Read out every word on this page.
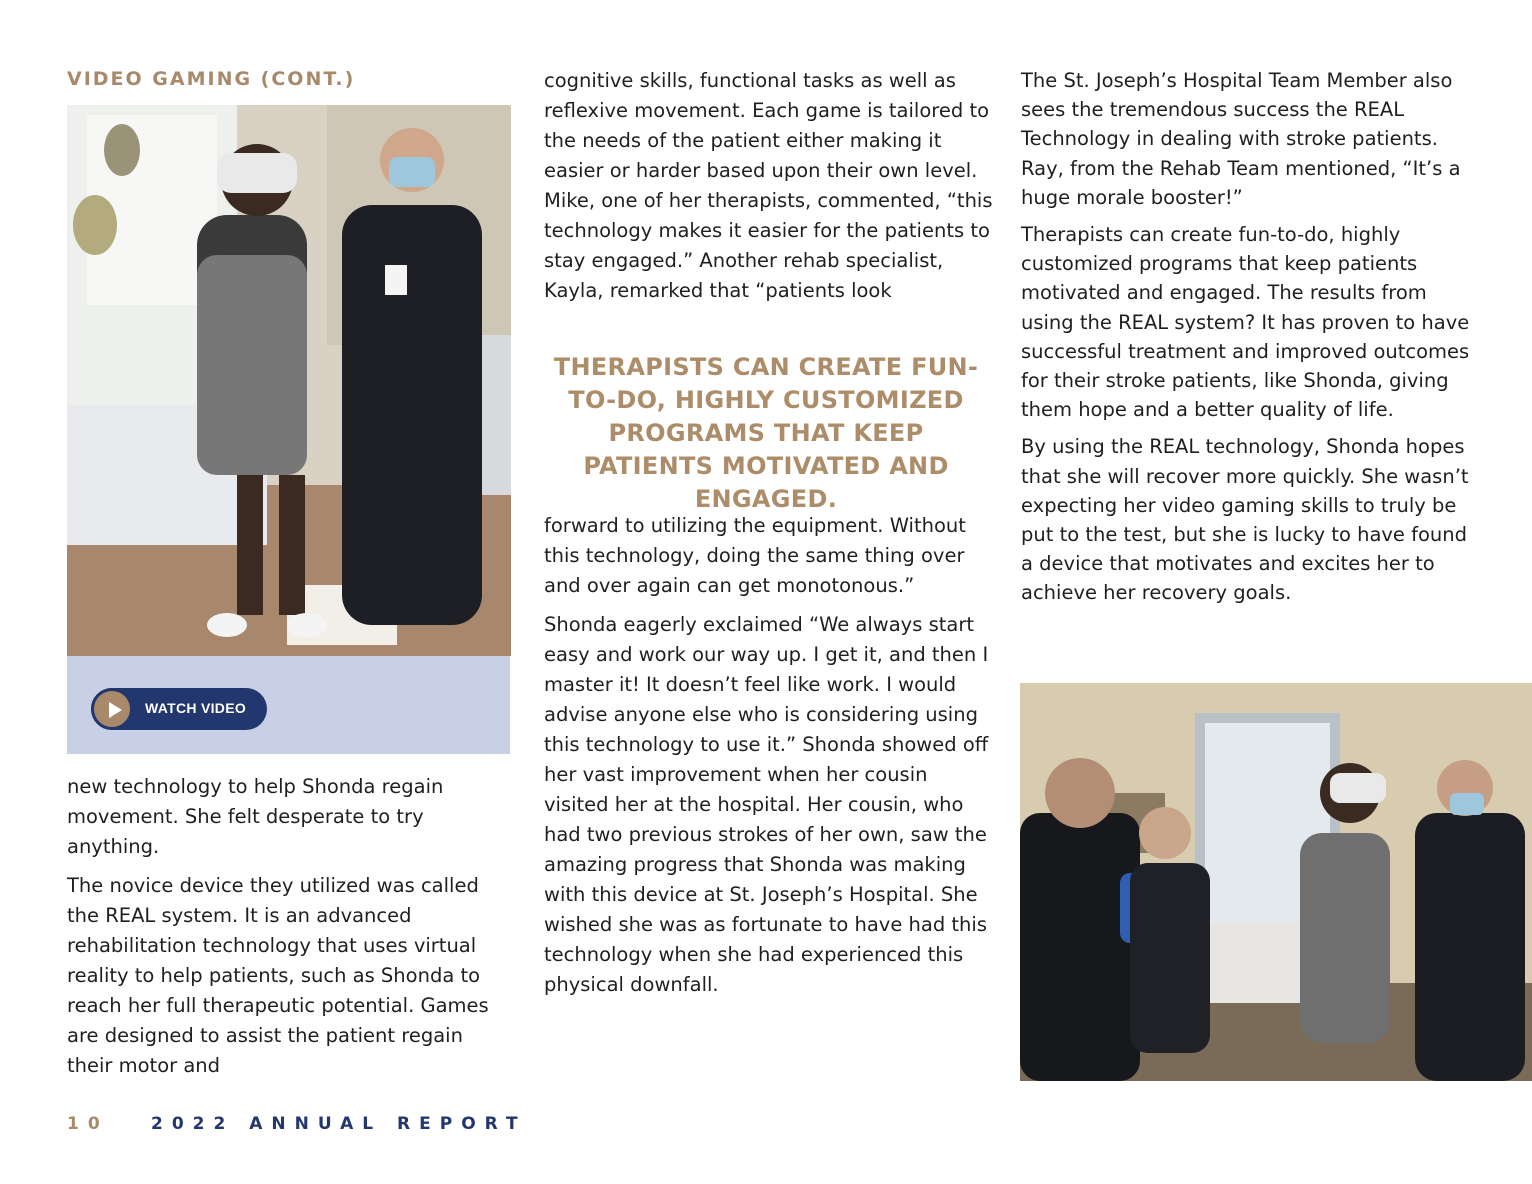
VIDEO GAMING (CONT.)
WATCH VIDEO

new technology to help Shonda regain movement. She felt desperate to try anything.

The novice device they utilized was called the REAL system. It is an advanced rehabilitation technology that uses virtual reality to help patients, such as Shonda to reach her full therapeutic potential. Games are designed to assist the patient regain their motor and

cognitive skills, functional tasks as well as reflexive movement. Each game is tailored to the needs of the patient either making it easier or harder based upon their own level. Mike, one of her therapists, commented, “this technology makes it easier for the patients to stay engaged.” Another rehab specialist, Kayla, remarked that “patients look

THERAPISTS CAN CREATE FUN-TO-DO, HIGHLY CUSTOMIZED PROGRAMS THAT KEEP PATIENTS MOTIVATED AND ENGAGED.

forward to utilizing the equipment. Without this technology, doing the same thing over and over again can get monotonous.”

Shonda eagerly exclaimed “We always start easy and work our way up. I get it, and then I master it! It doesn’t feel like work. I would advise anyone else who is considering using this technology to use it.” Shonda showed off her vast improvement when her cousin visited her at the hospital. Her cousin, who had two previous strokes of her own, saw the amazing progress that Shonda was making with this device at St. Joseph’s Hospital. She wished she was as fortunate to have had this technology when she had experienced this physical downfall.

The St. Joseph’s Hospital Team Member also sees the tremendous success the REAL Technology in dealing with stroke patients. Ray, from the Rehab Team mentioned, “It’s a huge morale booster!”

Therapists can create fun-to-do, highly customized programs that keep patients motivated and engaged. The results from using the REAL system? It has proven to have successful treatment and improved outcomes for their stroke patients, like Shonda, giving them hope and a better quality of life.

By using the REAL technology, Shonda hopes that she will recover more quickly. She wasn’t expecting her video gaming skills to truly be put to the test, but she is lucky to have found a device that motivates and excites her to achieve her recovery goals.

10 2022 ANNUAL REPORT
